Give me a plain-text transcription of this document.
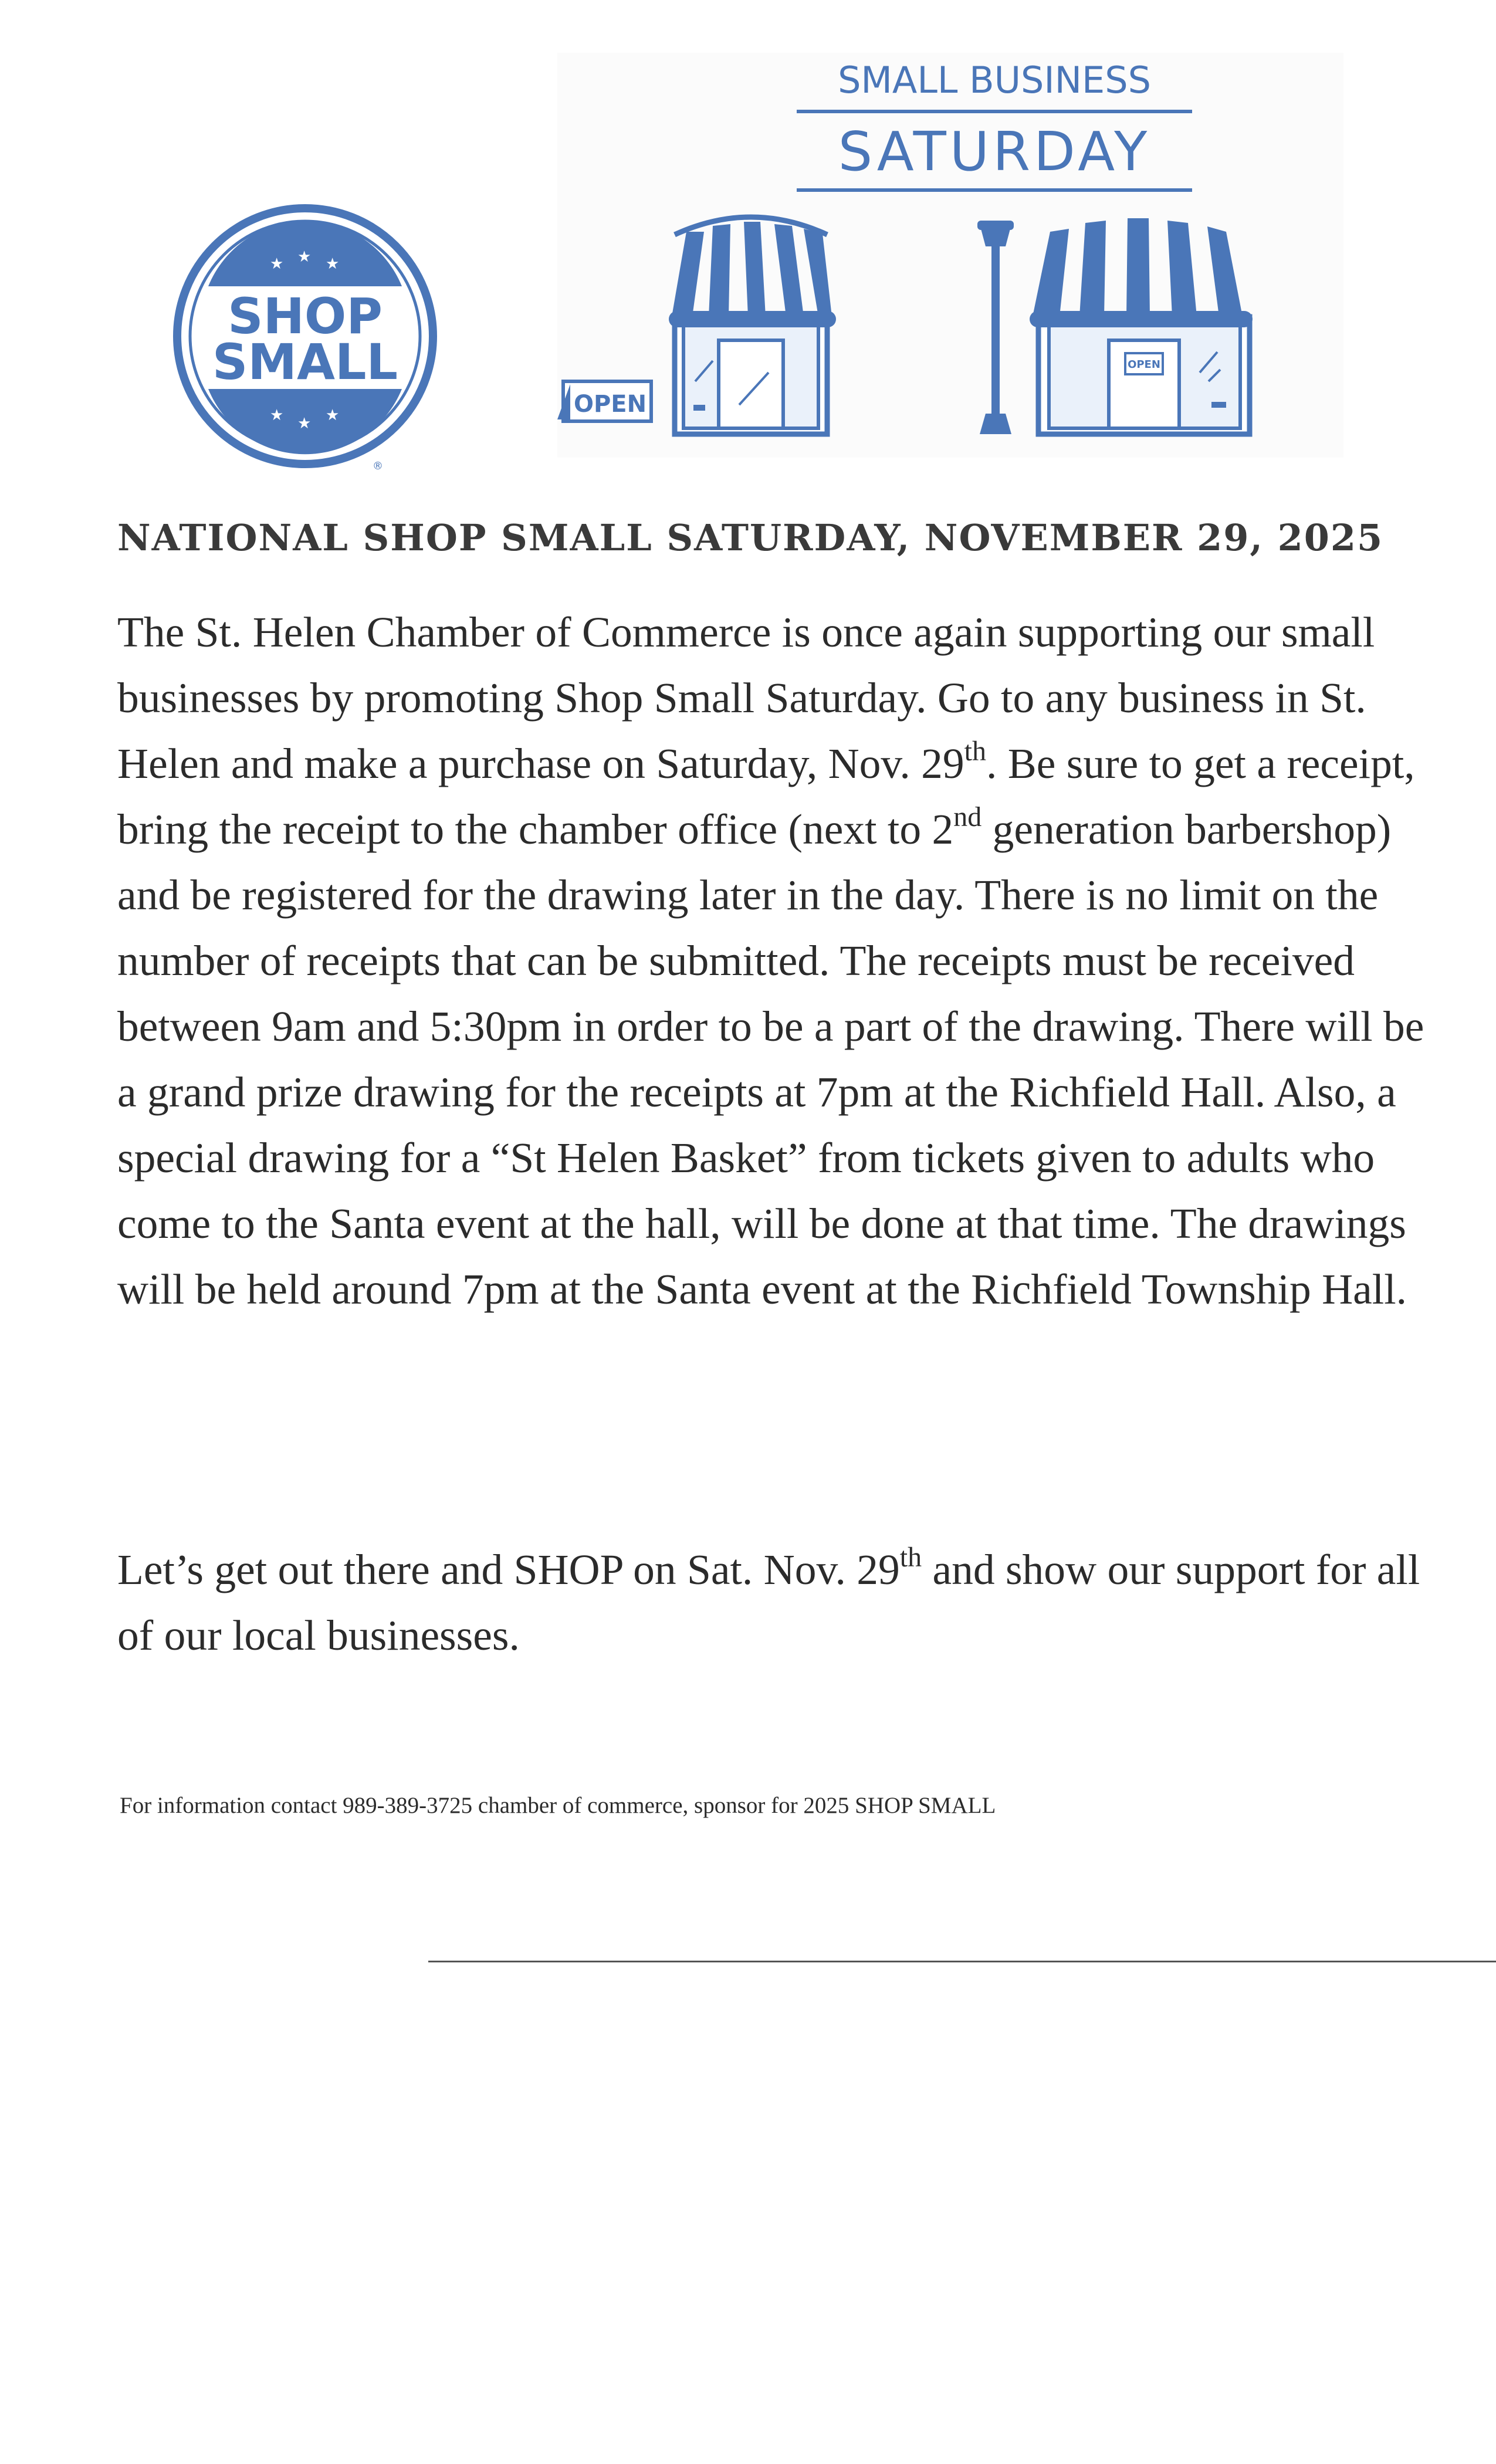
★ ★ ★
★ ★ ★
SHOP
SMALL
®
SMALL BUSINESS
SATURDAY
OPEN
OPEN
NATIONAL SHOP SMALL SATURDAY, NOVEMBER 29, 2025

The St. Helen Chamber of Commerce is once again supporting our small businesses by promoting Shop Small Saturday. Go to any business in St. Helen and make a purchase on Saturday, Nov. 29th. Be sure to get a receipt, bring the receipt to the chamber office (next to 2nd generation barbershop) and be registered for the drawing later in the day. There is no limit on the number of receipts that can be submitted. The receipts must be received between 9am and 5:30pm in order to be a part of the drawing. There will be a grand prize drawing for the receipts at 7pm at the Richfield Hall. Also, a special drawing for a “St Helen Basket” from tickets given to adults who come to the Santa event at the hall, will be done at that time. The drawings will be held around 7pm at the Santa event at the Richfield Township Hall.

Let’s get out there and SHOP on Sat. Nov. 29th and show our support for all of our local businesses.

For information contact 989-389-3725 chamber of commerce, sponsor for 2025 SHOP SMALL
